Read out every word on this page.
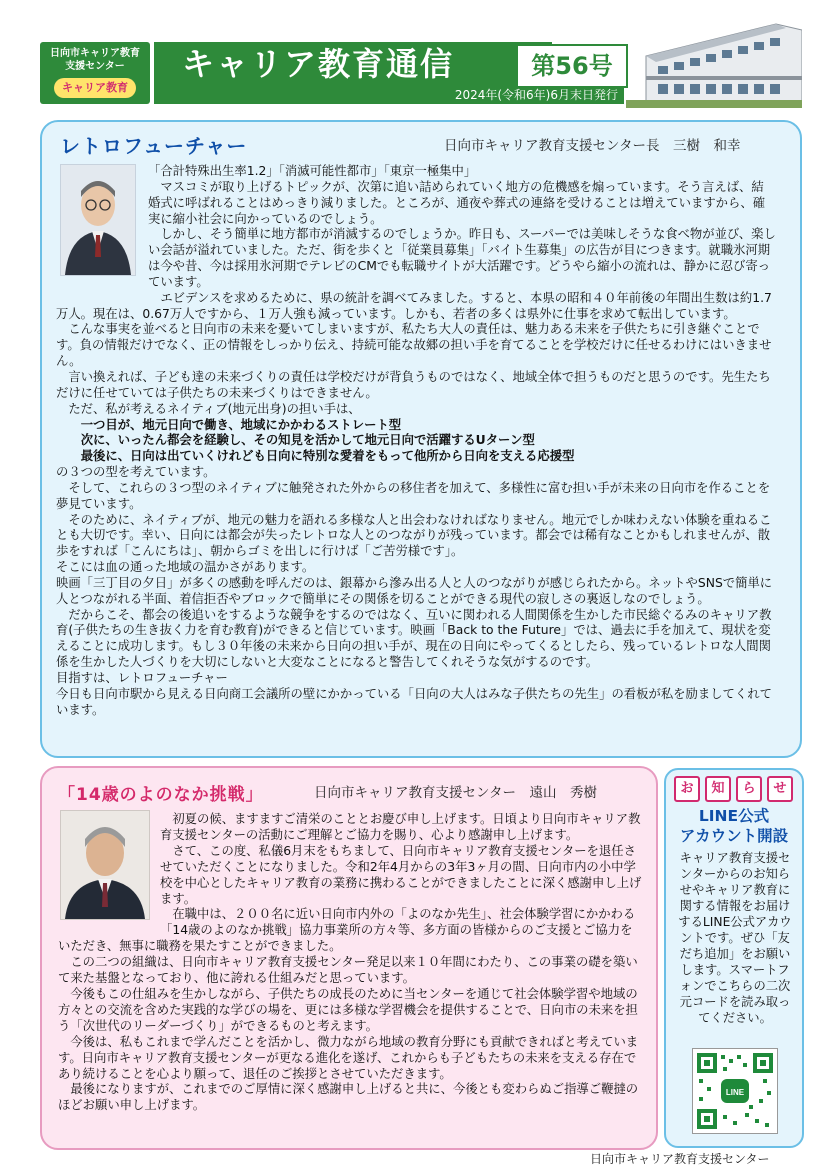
日向市キャリア教育
支援センター
キャリア教育
キャリア教育通信
2024年(令和6年)6月末日発行
第56号
レトロフューチャー	日向市キャリア教育支援センター長　三樹　和幸

「合計特殊出生率1.2」「消滅可能性都市」「東京一極集中」

マスコミが取り上げるトピックが、次第に追い詰められていく地方の危機感を煽っています。そう言えば、結婚式に呼ばれることはめっきり減りました。ところが、通夜や葬式の連絡を受けることは増えていますから、確実に縮小社会に向かっているのでしょう。

しかし、そう簡単に地方都市が消滅するのでしょうか。昨日も、スーパーでは美味しそうな食べ物が並び、楽しい会話が溢れていました。ただ、街を歩くと「従業員募集」「バイト生募集」の広告が目につきます。就職氷河期は今や昔、今は採用氷河期でテレビのCMでも転職サイトが大活躍です。どうやら縮小の流れは、静かに忍び寄っています。

エビデンスを求めるために、県の統計を調べてみました。すると、本県の昭和４０年前後の年間出生数は約1.7万人。現在は、0.67万人ですから、１万人強も減っています。しかも、若者の多くは県外に仕事を求めて転出しています。

こんな事実を並べると日向市の未来を憂いてしまいますが、私たち大人の責任は、魅力ある未来を子供たちに引き継ぐことです。負の情報だけでなく、正の情報をしっかり伝え、持続可能な故郷の担い手を育てることを学校だけに任せるわけにはいきません。

言い換えれば、子ども達の未来づくりの責任は学校だけが背負うものではなく、地域全体で担うものだと思うのです。先生たちだけに任せていては子供たちの未来づくりはできません。

ただ、私が考えるネイティブ(地元出身)の担い手は、

一つ目が、地元日向で働き、地域にかかわるストレート型

次に、いったん都会を経験し、その知見を活かして地元日向で活躍するUターン型

最後に、日向は出ていくけれども日向に特別な愛着をもって他所から日向を支える応援型

の３つの型を考えています。

そして、これらの３つ型のネイティブに触発された外からの移住者を加えて、多様性に富む担い手が未来の日向市を作ることを夢見ています。

そのために、ネイティブが、地元の魅力を語れる多様な人と出会わなければなりません。地元でしか味わえない体験を重ねることも大切です。幸い、日向には都会が失ったレトロな人とのつながりが残っています。都会では稀有なことかもしれませんが、散歩をすれば「こんにちは」、朝からゴミを出しに行けば「ご苦労様です」。

そこには血の通った地域の温かさがあります。

映画「三丁目の夕日」が多くの感動を呼んだのは、銀幕から滲み出る人と人のつながりが感じられたから。ネットやSNSで簡単に人とつながれる半面、着信拒否やブロックで簡単にその関係を切ることができる現代の寂しさの裏返しなのでしょう。

だからこそ、都会の後追いをするような競争をするのではなく、互いに関われる人間関係を生かした市民総ぐるみのキャリア教育(子供たちの生き抜く力を育む教育)ができると信じています。映画「Back to the Future」では、過去に手を加えて、現状を変えることに成功します。もし３０年後の未来から日向の担い手が、現在の日向にやってくるとしたら、残っているレトロな人間関係を生かした人づくりを大切にしないと大変なことになると警告してくれそうな気がするのです。

目指すは、レトロフューチャー

今日も日向市駅から見える日向商工会議所の壁にかかっている「日向の大人はみな子供たちの先生」の看板が私を励ましてくれています。

「14歳のよのなか挑戦」	日向市キャリア教育支援センター　遠山　秀樹

初夏の候、ますますご清栄のこととお慶び申し上げます。日頃より日向市キャリア教育支援センターの活動にご理解とご協力を賜り、心より感謝申し上げます。

さて、この度、私儀6月末をもちまして、日向市キャリア教育支援センターを退任させていただくことになりました。令和2年4月からの3年3ヶ月の間、日向市内の小中学校を中心としたキャリア教育の業務に携わることができましたことに深く感謝申し上げます。

在職中は、２００名に近い日向市内外の「よのなか先生」、社会体験学習にかかわる「14歳のよのなか挑戦」協力事業所の方々等、多方面の皆様からのご支援とご協力をいただき、無事に職務を果たすことができました。

この二つの組織は、日向市キャリア教育支援センター発足以来１０年間にわたり、この事業の礎を築いて来た基盤となっており、他に誇れる仕組みだと思っています。

今後もこの仕組みを生かしながら、子供たちの成長のために当センターを通じて社会体験学習や地域の方々との交流を含めた実践的な学びの場を、更には多様な学習機会を提供することで、日向市の未来を担う「次世代のリーダーづくり」ができるものと考えます。

今後は、私もこれまで学んだことを活かし、微力ながら地域の教育分野にも貢献できればと考えています。日向市キャリア教育支援センターが更なる進化を遂げ、これからも子どもたちの未来を支える存在であり続けることを心より願って、退任のご挨拶とさせていただきます。

最後になりますが、これまでのご厚情に深く感謝申し上げると共に、今後とも変わらぬご指導ご鞭撻のほどお願い申し上げます。

お	知	ら	せ
LINE公式
アカウント開設
キャリア教育支援センターからのお知らせやキャリア教育に関する情報をお届けするLINE公式アカウントです。ぜひ「友だち追加」をお願いします。スマートフォンでこちらの二次元コードを読み取ってください。
LINE
日向市キャリア教育支援センター
